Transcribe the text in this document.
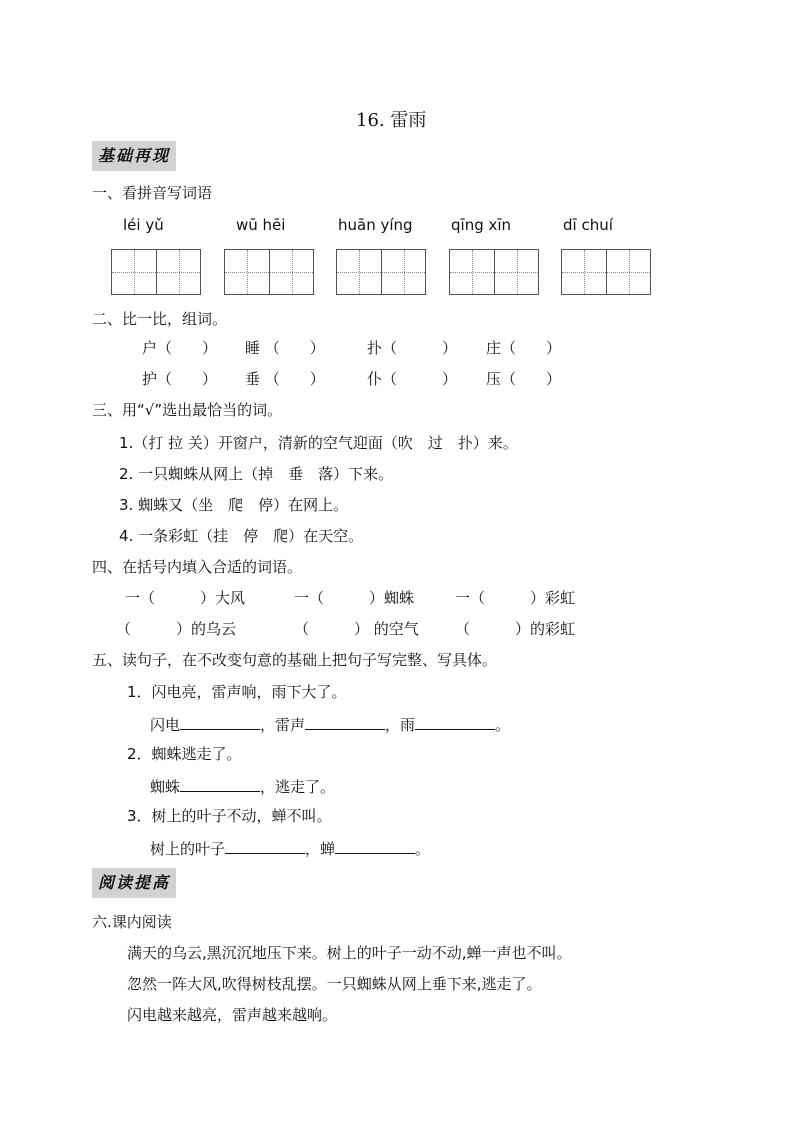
16. 雷雨
基础再现
一、看拼音写词语
léi yǔ	wū hēi	huān yíng	qīng xīn	dī chuí
二、比一比，组词。
户（　　） 睡 （　　）	扑（　　　） 庄（　　）
护（　　） 垂 （　　）	仆（　　　） 压（　　）
三、用“√”选出最恰当的词。
1.（打 拉 关）开窗户，清新的空气迎面（吹　过　扑）来。
2. 一只蜘蛛从网上（掉　垂　落）下来。
3. 蜘蛛又（坐　爬　停）在网上。
4. 一条彩虹（挂　停　爬）在天空。
四、在括号内填入合适的词语。
一（　　　）大风	一（　　　）蜘蛛	一（　　　）彩虹
（　　　）的乌云	（　　　） 的空气 （　　　）的彩虹
五、读句子，在不改变句意的基础上把句子写完整、写具体。
1．闪电亮，雷声响，雨下大了。
闪电	，雷声	，雨	。
2．蜘蛛逃走了。
蜘蛛	，逃走了。
3．树上的叶子不动，蝉不叫。
树上的叶子	，蝉	。
阅读提高
六.课内阅读
满天的乌云,黑沉沉地压下来。树上的叶子一动不动,蝉一声也不叫。
忽然一阵大风,吹得树枝乱摆。一只蜘蛛从网上垂下来,逃走了。
闪电越来越亮，雷声越来越响。
